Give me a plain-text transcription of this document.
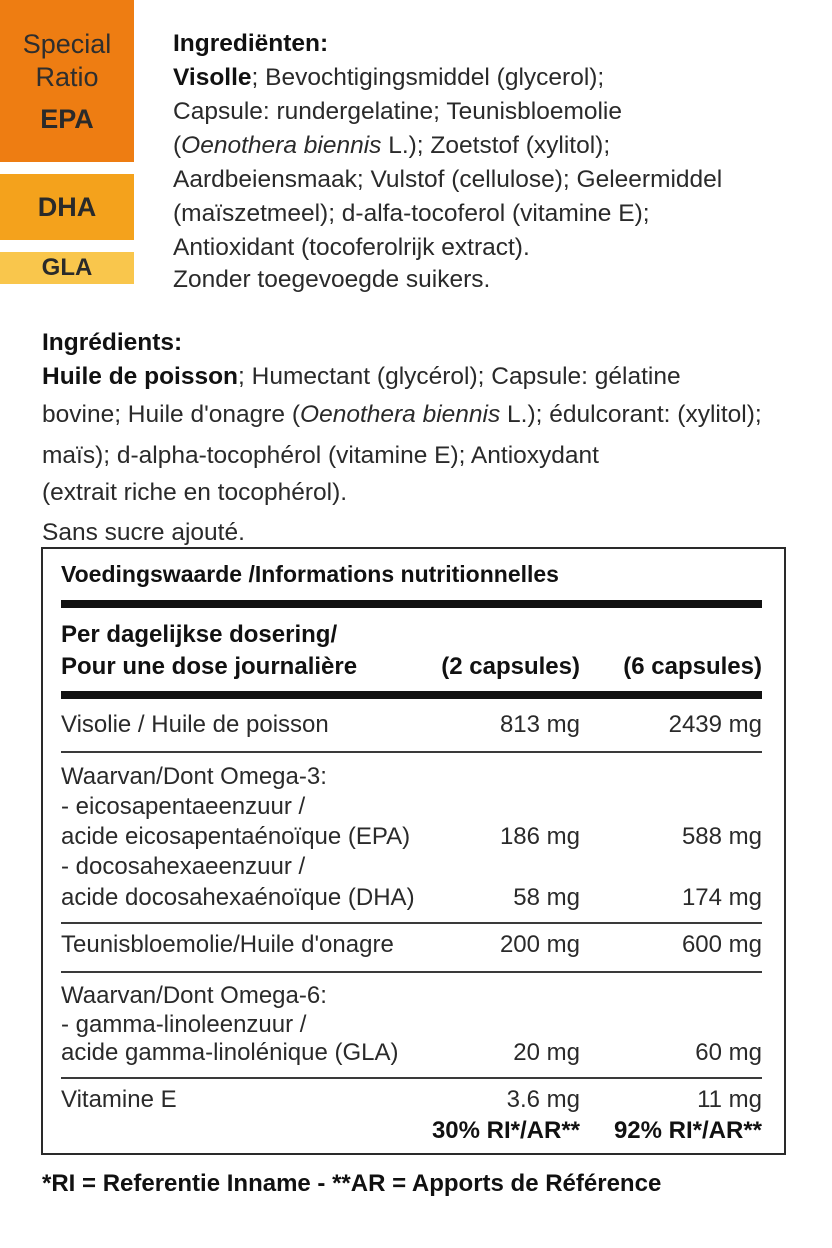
Special
Ratio
EPA
DHA
GLA
Ingrediënten:
Visolle; Bevochtigingsmiddel (glycerol);
Capsule: rundergelatine; Teunisbloemolie
(Oenothera biennis L.); Zoetstof (xylitol);
Aardbeiensmaak; Vulstof (cellulose); Geleermiddel
(maïszetmeel); d-alfa-tocoferol (vitamine E);
Antioxidant (tocoferolrijk extract).
Zonder toegevoegde suikers.
Ingrédients:
Huile de poisson; Humectant (glycérol); Capsule: gélatine
bovine; Huile d'onagre (Oenothera biennis L.); édulcorant: (xylitol);
maïs); d-alpha-tocophérol (vitamine E); Antioxydant
(extrait riche en tocophérol).
Sans sucre ajouté.
Voedingswaarde /Informations nutritionnelles
Per dagelijkse dosering/
Pour une dose journalière	(2 capsules) (6 capsules)
Visolie / Huile de poisson	813 mg	2439 mg
Waarvan/Dont Omega-3:
- eicosapentaeenzuur /
acide eicosapentaénoïque (EPA)	186 mg	588 mg
- docosahexaeenzuur /
acide docosahexaénoïque (DHA)	58 mg	174 mg
Teunisbloemolie/Huile d'onagre	200 mg	600 mg
Waarvan/Dont Omega-6:
- gamma-linoleenzuur /
acide gamma-linolénique (GLA)	20 mg	60 mg
Vitamine E	3.6 mg	11 mg
30% RI*/AR** 92% RI*/AR**
*RI = Referentie Inname - **AR = Apports de Référence
